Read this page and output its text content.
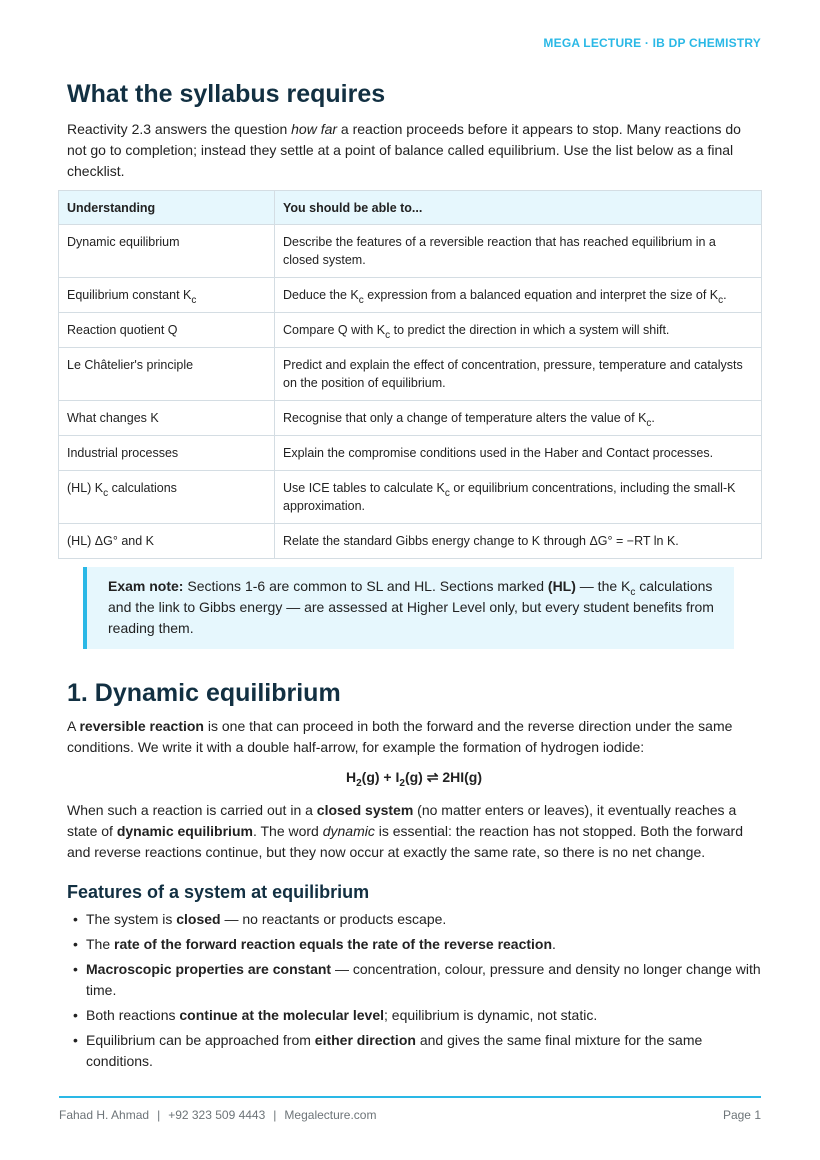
MEGA LECTURE · IB DP CHEMISTRY
What the syllabus requires

Reactivity 2.3 answers the question how far a reaction proceeds before it appears to stop. Many reactions do not go to completion; instead they settle at a point of balance called equilibrium. Use the list below as a final checklist.

Understanding	You should be able to...
Dynamic equilibrium	Describe the features of a reversible reaction that has reached equilibrium in a closed system.
Equilibrium constant $K_c$	Deduce the $K_c$ expression from a balanced equation and interpret the size of $K_c$.
Reaction quotient Q	Compare Q with $K_c$ to predict the direction in which a system will shift.
Le Châtelier's principle	Predict and explain the effect of concentration, pressure, temperature and catalysts on the position of equilibrium.
What changes K	Recognise that only a change of temperature alters the value of $K_c$.
Industrial processes	Explain the compromise conditions used in the Haber and Contact processes.
(HL) $K_c$ calculations	Use ICE tables to calculate $K_c$ or equilibrium concentrations, including the small-K approximation.
(HL) ΔG° and K	Relate the standard Gibbs energy change to K through ΔG° = −RT ln K.
Exam note: Sections 1-6 are common to SL and HL. Sections marked (HL) — the $K_c$ calculations and the link to Gibbs energy — are assessed at Higher Level only, but every student benefits from reading them.
1. Dynamic equilibrium

A reversible reaction is one that can proceed in both the forward and the reverse direction under the same conditions. We write it with a double half-arrow, for example the formation of hydrogen iodide:

$H_2(g) + I_2(g)$ ⇌ 2HI(g)

When such a reaction is carried out in a closed system (no matter enters or leaves), it eventually reaches a state of dynamic equilibrium. The word dynamic is essential: the reaction has not stopped. Both the forward and reverse reactions continue, but they now occur at exactly the same rate, so there is no net change.

Features of a system at equilibrium
• The system is closed — no reactants or products escape.
• The rate of the forward reaction equals the rate of the reverse reaction.
• Macroscopic properties are constant — concentration, colour, pressure and density no longer change with time.
• Both reactions continue at the molecular level; equilibrium is dynamic, not static.
• Equilibrium can be approached from either direction and gives the same final mixture for the same conditions.
Fahad H. Ahmad | +92 323 509 4443 | Megalecture.com	Page 1
